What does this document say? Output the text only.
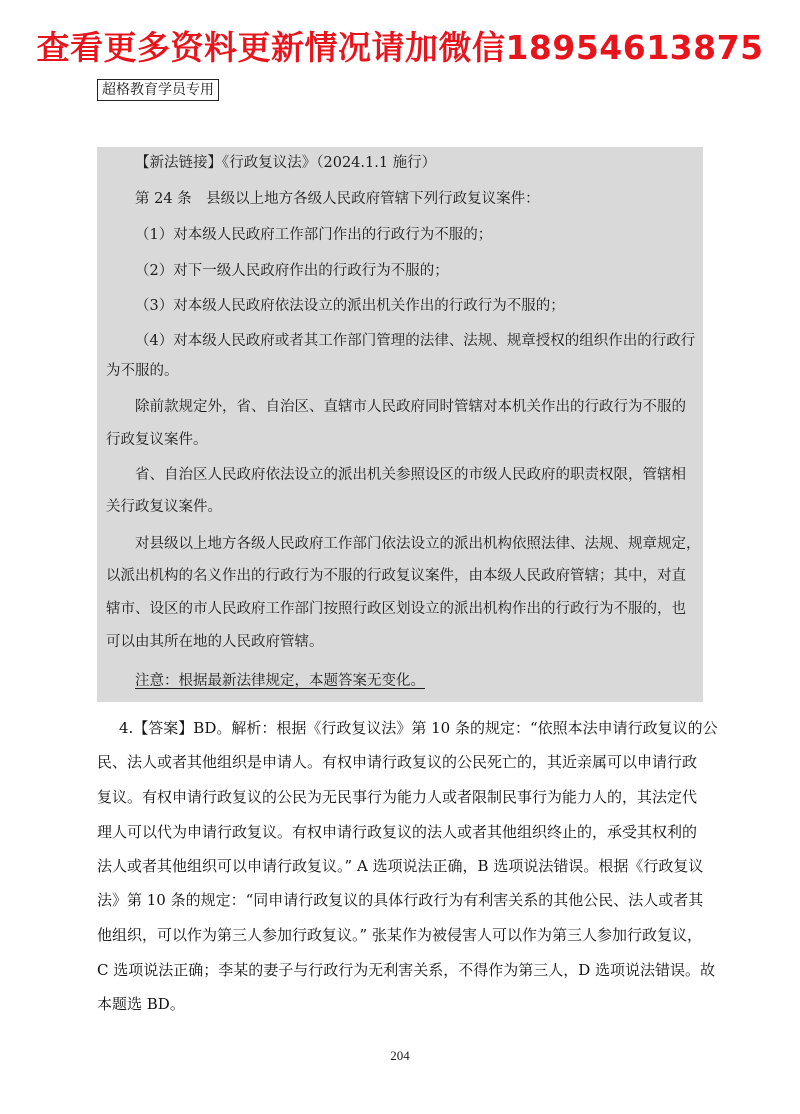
查看更多资料更新情况请加微信18954613875
超格教育学员专用
【新法链接】《行政复议法》（2024.1.1 施行）
第 24 条　县级以上地方各级人民政府管辖下列行政复议案件：
（1）对本级人民政府工作部门作出的行政行为不服的；
（2）对下一级人民政府作出的行政行为不服的；
（3）对本级人民政府依法设立的派出机关作出的行政行为不服的；
（4）对本级人民政府或者其工作部门管理的法律、法规、规章授权的组织作出的行政行
为不服的。
除前款规定外，省、自治区、直辖市人民政府同时管辖对本机关作出的行政行为不服的
行政复议案件。
省、自治区人民政府依法设立的派出机关参照设区的市级人民政府的职责权限，管辖相
关行政复议案件。
对县级以上地方各级人民政府工作部门依法设立的派出机构依照法律、法规、规章规定，
以派出机构的名义作出的行政行为不服的行政复议案件，由本级人民政府管辖；其中，对直
辖市、设区的市人民政府工作部门按照行政区划设立的派出机构作出的行政行为不服的，也
可以由其所在地的人民政府管辖。
注意：根据最新法律规定，本题答案无变化。
4.【答案】BD。解析：根据《行政复议法》第 10 条的规定：“依照本法申请行政复议的公
民、法人或者其他组织是申请人。有权申请行政复议的公民死亡的，其近亲属可以申请行政
复议。有权申请行政复议的公民为无民事行为能力人或者限制民事行为能力人的，其法定代
理人可以代为申请行政复议。有权申请行政复议的法人或者其他组织终止的，承受其权利的
法人或者其他组织可以申请行政复议。” A 选项说法正确，B 选项说法错误。根据《行政复议
法》第 10 条的规定：“同申请行政复议的具体行政行为有利害关系的其他公民、法人或者其
他组织，可以作为第三人参加行政复议。” 张某作为被侵害人可以作为第三人参加行政复议，
C 选项说法正确；李某的妻子与行政行为无利害关系，不得作为第三人，D 选项说法错误。故
本题选 BD。
204
